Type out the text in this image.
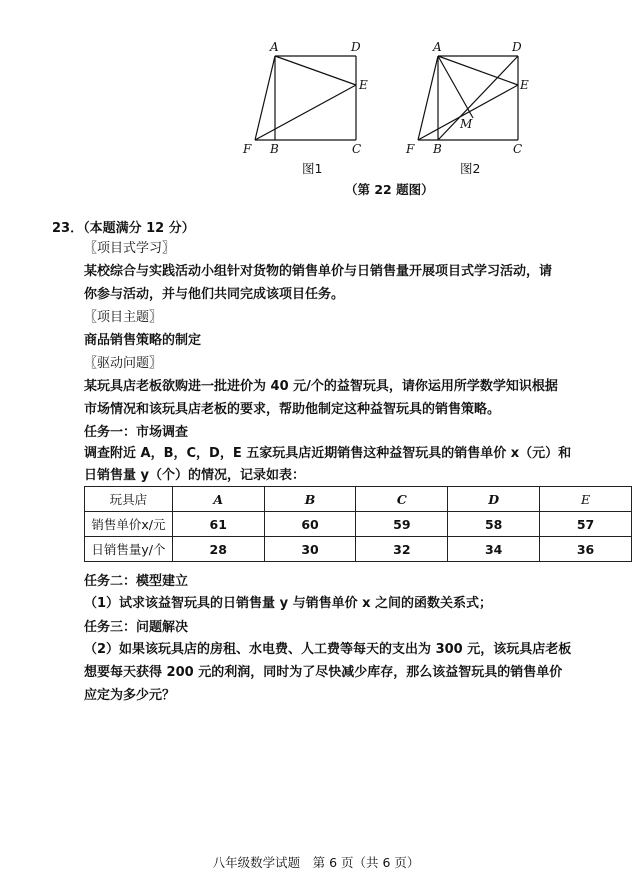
A	D
E
F B	C
图1
A	D
E
M
F B	C
图2
（第 22 题图）
23．（本题满分 12 分）
〖项目式学习〗
某校综合与实践活动小组针对货物的销售单价与日销售量开展项目式学习活动，请
你参与活动，并与他们共同完成该项目任务。
〖项目主题〗
商品销售策略的制定
〖驱动问题〗
某玩具店老板欲购进一批进价为 40 元/个的益智玩具，请你运用所学数学知识根据
市场情况和该玩具店老板的要求，帮助他制定这种益智玩具的销售策略。
任务一：市场调查
调查附近 A，B，C，D，E 五家玩具店近期销售这种益智玩具的销售单价 x（元）和
日销售量 y（个）的情况，记录如表：
玩具店	A	B	C	D	E
销售单价x/元	61	60	59	58	57
日销售量y/个	28	30	32	34	36
任务二：模型建立
（1）试求该益智玩具的日销售量 y 与销售单价 x 之间的函数关系式；
任务三：问题解决
（2）如果该玩具店的房租、水电费、人工费等每天的支出为 300 元，该玩具店老板
想要每天获得 200 元的利润，同时为了尽快减少库存，那么该益智玩具的销售单价
应定为多少元？
八年级数学试题　第 6 页（共 6 页）
